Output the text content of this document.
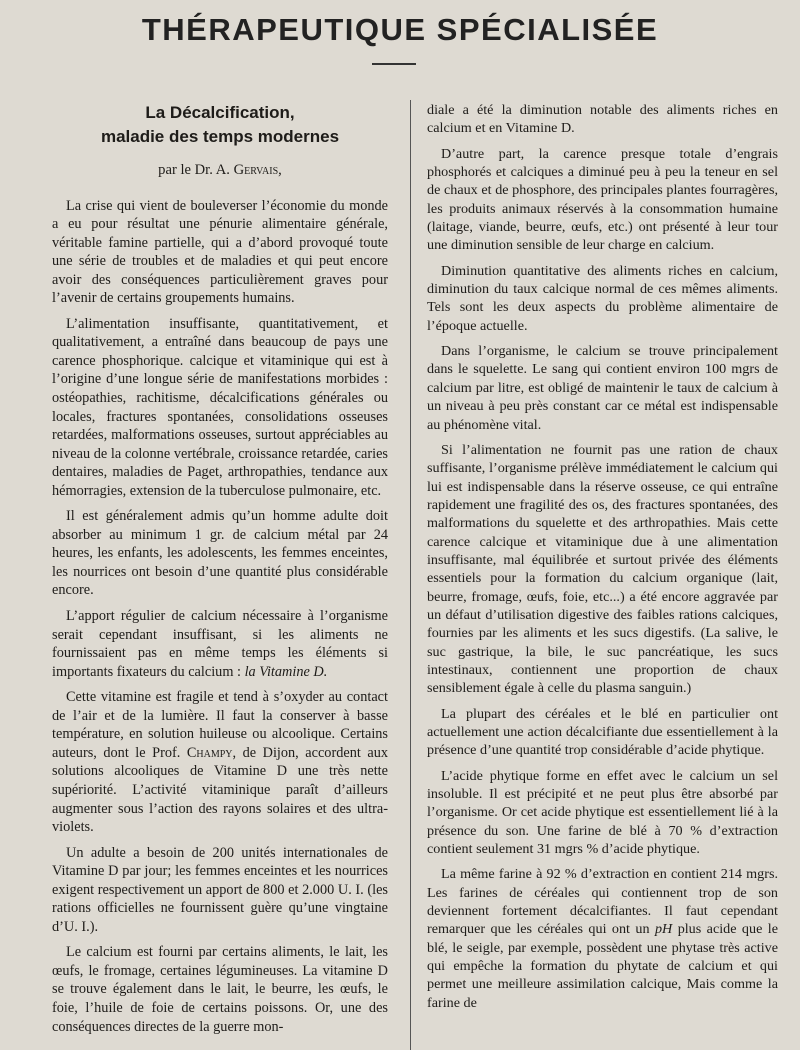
THÉRAPEUTIQUE SPÉCIALISÉE
La Décalcification,
maladie des temps modernes
par le Dr. A. Gervais,

La crise qui vient de bouleverser l’économie du monde a eu pour résultat une pénurie alimentaire générale, véritable famine partielle, qui a d’abord provoqué toute une série de troubles et de maladies et qui peut encore avoir des conséquences particulièrement graves pour l’avenir de certains groupements humains.

L’alimentation insuffisante, quantitativement, et qualitativement, a entraîné dans beaucoup de pays une carence phosphorique. calcique et vitaminique qui est à l’origine d’une longue série de manifestations morbides : ostéopathies, rachitisme, décalcifications générales ou locales, fractures spontanées, consolidations osseuses retardées, malformations osseuses, surtout appréciables au niveau de la colonne vertébrale, croissance retardée, caries dentaires, maladies de Paget, arthropathies, tendance aux hémorragies, extension de la tuberculose pulmonaire, etc.

Il est généralement admis qu’un homme adulte doit absorber au minimum 1 gr. de calcium métal par 24 heures, les enfants, les adolescents, les femmes enceintes, les nourrices ont besoin d’une quantité plus considérable encore.

L’apport régulier de calcium nécessaire à l’organisme serait cependant insuffisant, si les aliments ne fournissaient pas en même temps les éléments si importants fixateurs du calcium : la Vitamine D.

Cette vitamine est fragile et tend à s’oxyder au contact de l’air et de la lumière. Il faut la conserver à basse température, en solution huileuse ou alcoolique. Certains auteurs, dont le Prof. Champy, de Dijon, accordent aux solutions alcooliques de Vitamine D une très nette supériorité. L’activité vitaminique paraît d’ailleurs augmenter sous l’action des rayons solaires et des ultra-violets.

Un adulte a besoin de 200 unités internationales de Vitamine D par jour; les femmes enceintes et les nourrices exigent respectivement un apport de 800 et 2.000 U. I. (les rations officielles ne fournissent guère qu’une vingtaine d’U. I.).

Le calcium est fourni par certains aliments, le lait, les œufs, le fromage, certaines légumineuses. La vitamine D se trouve également dans le lait, le beurre, les œufs, le foie, l’huile de foie de certains poissons. Or, une des conséquences directes de la guerre mon-

diale a été la diminution notable des aliments riches en calcium et en Vitamine D.

D’autre part, la carence presque totale d’engrais phosphorés et calciques a diminué peu à peu la teneur en sel de chaux et de phosphore, des principales plantes fourragères, les produits animaux réservés à la consommation humaine (laitage, viande, beurre, œufs, etc.) ont présenté à leur tour une diminution sensible de leur charge en calcium.

Diminution quantitative des aliments riches en calcium, diminution du taux calcique normal de ces mêmes aliments. Tels sont les deux aspects du problème alimentaire de l’époque actuelle.

Dans l’organisme, le calcium se trouve principalement dans le squelette. Le sang qui contient environ 100 mgrs de calcium par litre, est obligé de maintenir le taux de calcium à un niveau à peu près constant car ce métal est indispensable au phénomène vital.

Si l’alimentation ne fournit pas une ration de chaux suffisante, l’organisme prélève immédiatement le calcium qui lui est indispensable dans la réserve osseuse, ce qui entraîne rapidement une fragilité des os, des fractures spontanées, des malformations du squelette et des arthropathies. Mais cette carence calcique et vitaminique due à une alimentation insuffisante, mal équilibrée et surtout privée des éléments essentiels pour la formation du calcium organique (lait, beurre, fromage, œufs, foie, etc...) a été encore aggravée par un défaut d’utilisation digestive des faibles rations calciques, fournies par les aliments et les sucs digestifs. (La salive, le suc gastrique, la bile, le suc pancréatique, les sucs intestinaux, contiennent une proportion de chaux sensiblement égale à celle du plasma sanguin.)

La plupart des céréales et le blé en particulier ont actuellement une action décalcifiante due essentiellement à la présence d’une quantité trop considérable d’acide phytique.

L’acide phytique forme en effet avec le calcium un sel insoluble. Il est précipité et ne peut plus être absorbé par l’organisme. Or cet acide phytique est essentiellement lié à la présence du son. Une farine de blé à 70 % d’extraction contient seulement 31 mgrs % d’acide phytique.

La même farine à 92 % d’extraction en contient 214 mgrs. Les farines de céréales qui contiennent trop de son deviennent fortement décalcifiantes. Il faut cependant remarquer que les céréales qui ont un pH plus acide que le blé, le seigle, par exemple, possèdent une phytase très active qui empêche la formation du phytate de calcium et qui permet une meilleure assimilation calcique, Mais comme la farine de
